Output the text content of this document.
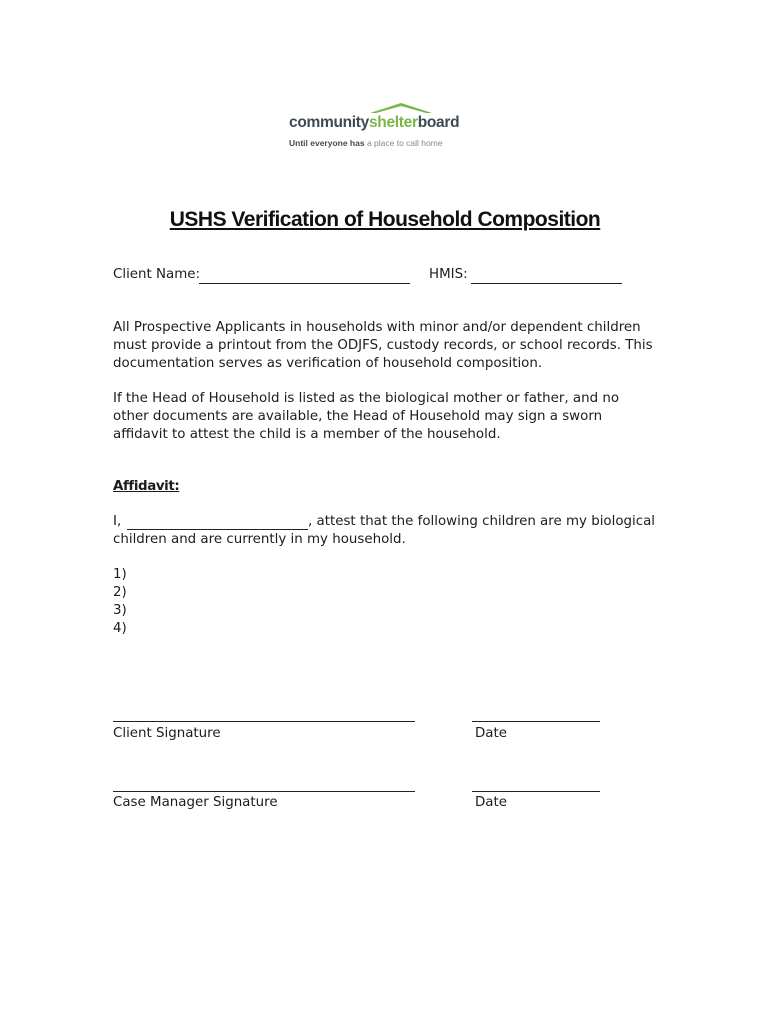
communityshelterboard
Until everyone has a place to call home
USHS Verification of Household Composition
Client Name:	HMIS:
All Prospective Applicants in households with minor and/or dependent children must provide a printout from the ODJFS, custody records, or school records. This documentation serves as verification of household composition.
If the Head of Household is listed as the biological mother or father, and no other documents are available, the Head of Household may sign a sworn affidavit to attest the child is a member of the household.
Affidavit:
I,	, attest that the following children are my biological
children and are currently in my household.
1)
2)
3)
4)
Client Signature	Date
Case Manager Signature	Date
